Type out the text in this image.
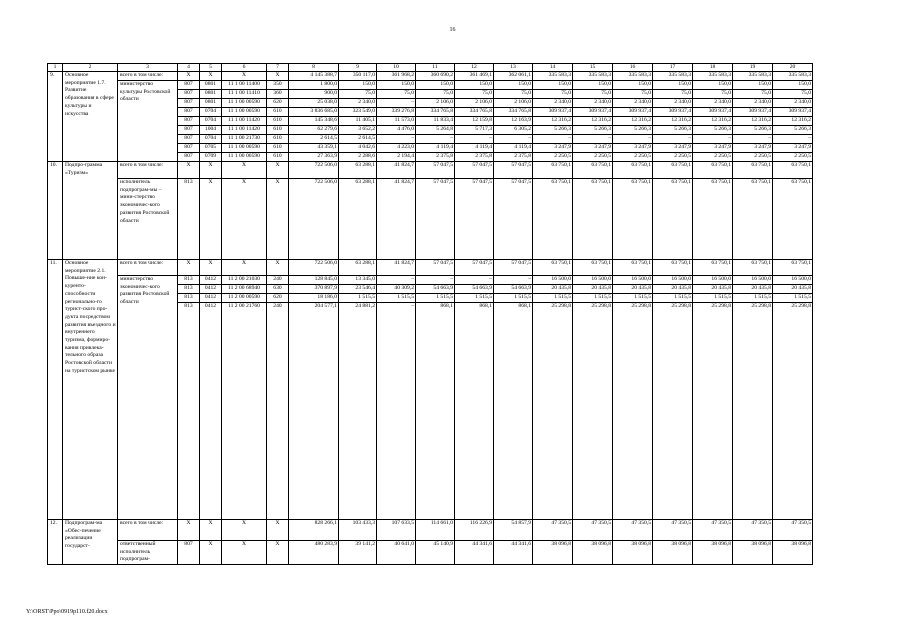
16
1	2	3	4	5	6	7	8	9	10	11	12	13	14	15	16	17	18	19	20
9.	Основное мероприятие 1.7. Развитие образования в сфере культуры и искусства	всего в том числе:	X	X	X	X	4 145 388,7	350 117,0	361 968,2	360 690,2	361 469,1	362 061,1	335 583,3	335 583,3	335 583,3	335 583,3	335 583,3	335 583,3	335 583,3
		министерство культуры Ростовской области	807	0801	11 1 00 11400	350	1 800,0	150,0	150,0	150,0	150,0	150,0	150,0	150,0	150,0	150,0	150,0	150,0	150,0
			807	0801	11 1 00 11410	360	900,0	75,0	75,0	75,0	75,0	75,0	75,0	75,0	75,0	75,0	75,0	75,0	75,0
			807	0801	11 1 00 00590	620	25 038,0	2 340,0	–	2 106,0	2 106,0	2 106,0	2 340,0	2 340,0	2 340,0	2 340,0	2 340,0	2 340,0	2 340,0
			807	0704	11 1 00 00590	610	3 836 685,0	323 549,0	339 276,8	334 765,8	334 765,8	334 765,8	309 937,4	309 937,4	309 937,4	309 937,4	309 937,4	309 937,4	309 937,4
			807	0704	11 1 00 11420	610	145 348,6	11 405,1	11 573,0	11 833,4	12 159,8	12 163,9	12 316,2	12 316,2	12 316,2	12 316,2	12 316,2	12 316,2	12 316,2
			807	1004	11 1 00 11420	610	62 279,6	3 652,2	4 476,0	5 264,8	5 717,3	6 305,2	5 266,3	5 266,3	5 266,3	5 266,3	5 266,3	5 266,3	5 266,3
			807	0704	11 1 00 21730	610	2 614,5	2 614,5	–	–	–	–	–	–	–	–	–	–	–
			807	0705	11 1 00 00590	610	43 359,1	4 042,6	4 223,0	4 119,4	4 119,4	4 119,4	3 247,9	3 247,9	3 247,9	3 247,9	3 247,9	3 247,9	3 247,9
			807	0709	11 1 00 00590	610	27 363,9	2 288,6	2 194,4	2 375,8	2 375,8	2 375,8	2 250,5	2 250,5	2 250,5	2 250,5	2 250,5	2 250,5	2 250,5
10.	Подпро-грамма «Туризм»	всего в том числе:	X	X	X	X	722 506,0	63 288,1	41 824,7	57 047,5	57 047,5	57 047,5	63 750,1	63 750,1	63 750,1	63 750,1	63 750,1	63 750,1	63 750,1
		исполнитель подпрограм-мы – мини-стерство экономичес-кого развития Ростовской области	813	X	X	X	722 506,0	63 288,1	41 824,7	57 047,5	57 047,5	57 047,5	63 750,1	63 750,1	63 750,1	63 750,1	63 750,1	63 750,1	63 750,1
11.	Основное мероприятие 2.1. Повыше-ние кон-курентo-способности регионально-го турист-ского про-дукта посредством развития въездного и внутреннего туризма, формиро-вания привлека-тельного образа Ростовской области на туристском рынке	всего в том числе:	X	X	X	X	722 506,0	63 288,1	41 824,7	57 047,5	57 047,5	57 047,5	63 750,1	63 750,1	63 750,1	63 750,1	63 750,1	63 750,1	63 750,1
		министерство экономичес-кого развития Ростовской области	813	0412	11 2 00 21030	240	128 845,0	13 345,0	–	–	–	–	16 500,0	16 500,0	16 500,0	16 500,0	16 500,0	16 500,0	16 500,0
			813	0412	11 2 00 68940	630	370 897,9	23 546,4	40 309,2	54 663,9	54 663,9	54 663,9	20 435,8	20 435,8	20 435,8	20 435,8	20 435,8	20 435,8	20 435,8
			813	0412	11 2 00 00590	620	18 186,0	1 515,5	1 515,5	1 515,5	1 515,5	1 515,5	1 515,5	1 515,5	1 515,5	1 515,5	1 515,5	1 515,5	1 515,5
			813	0412	11 2 00 21760	240	204 577,1	24 881,2	–	868,1	868,1	868,1	25 298,8	25 298,8	25 298,8	25 298,8	25 298,8	25 298,8	25 298,8
12.	Подпрограм-ма «Обес-печение реализации государст-	всего в том числе:	X	X	X	X	828 266,1	103 433,3	107 633,5	114 661,0	116 226,9	54 857,9	47 350,5	47 350,5	47 350,5	47 350,5	47 350,5	47 350,5	47 350,5
		ответственный исполнитель подпрограм-	807	X	X	X	480 283,9	39 141,2	40 641,0	45 140,9	44 341,6	44 341,6	38 096,8	38 096,8	38 096,8	38 096,8	38 096,8	38 096,8	38 096,8
Y:\ORST\Ppo\0919p110.f20.docx
